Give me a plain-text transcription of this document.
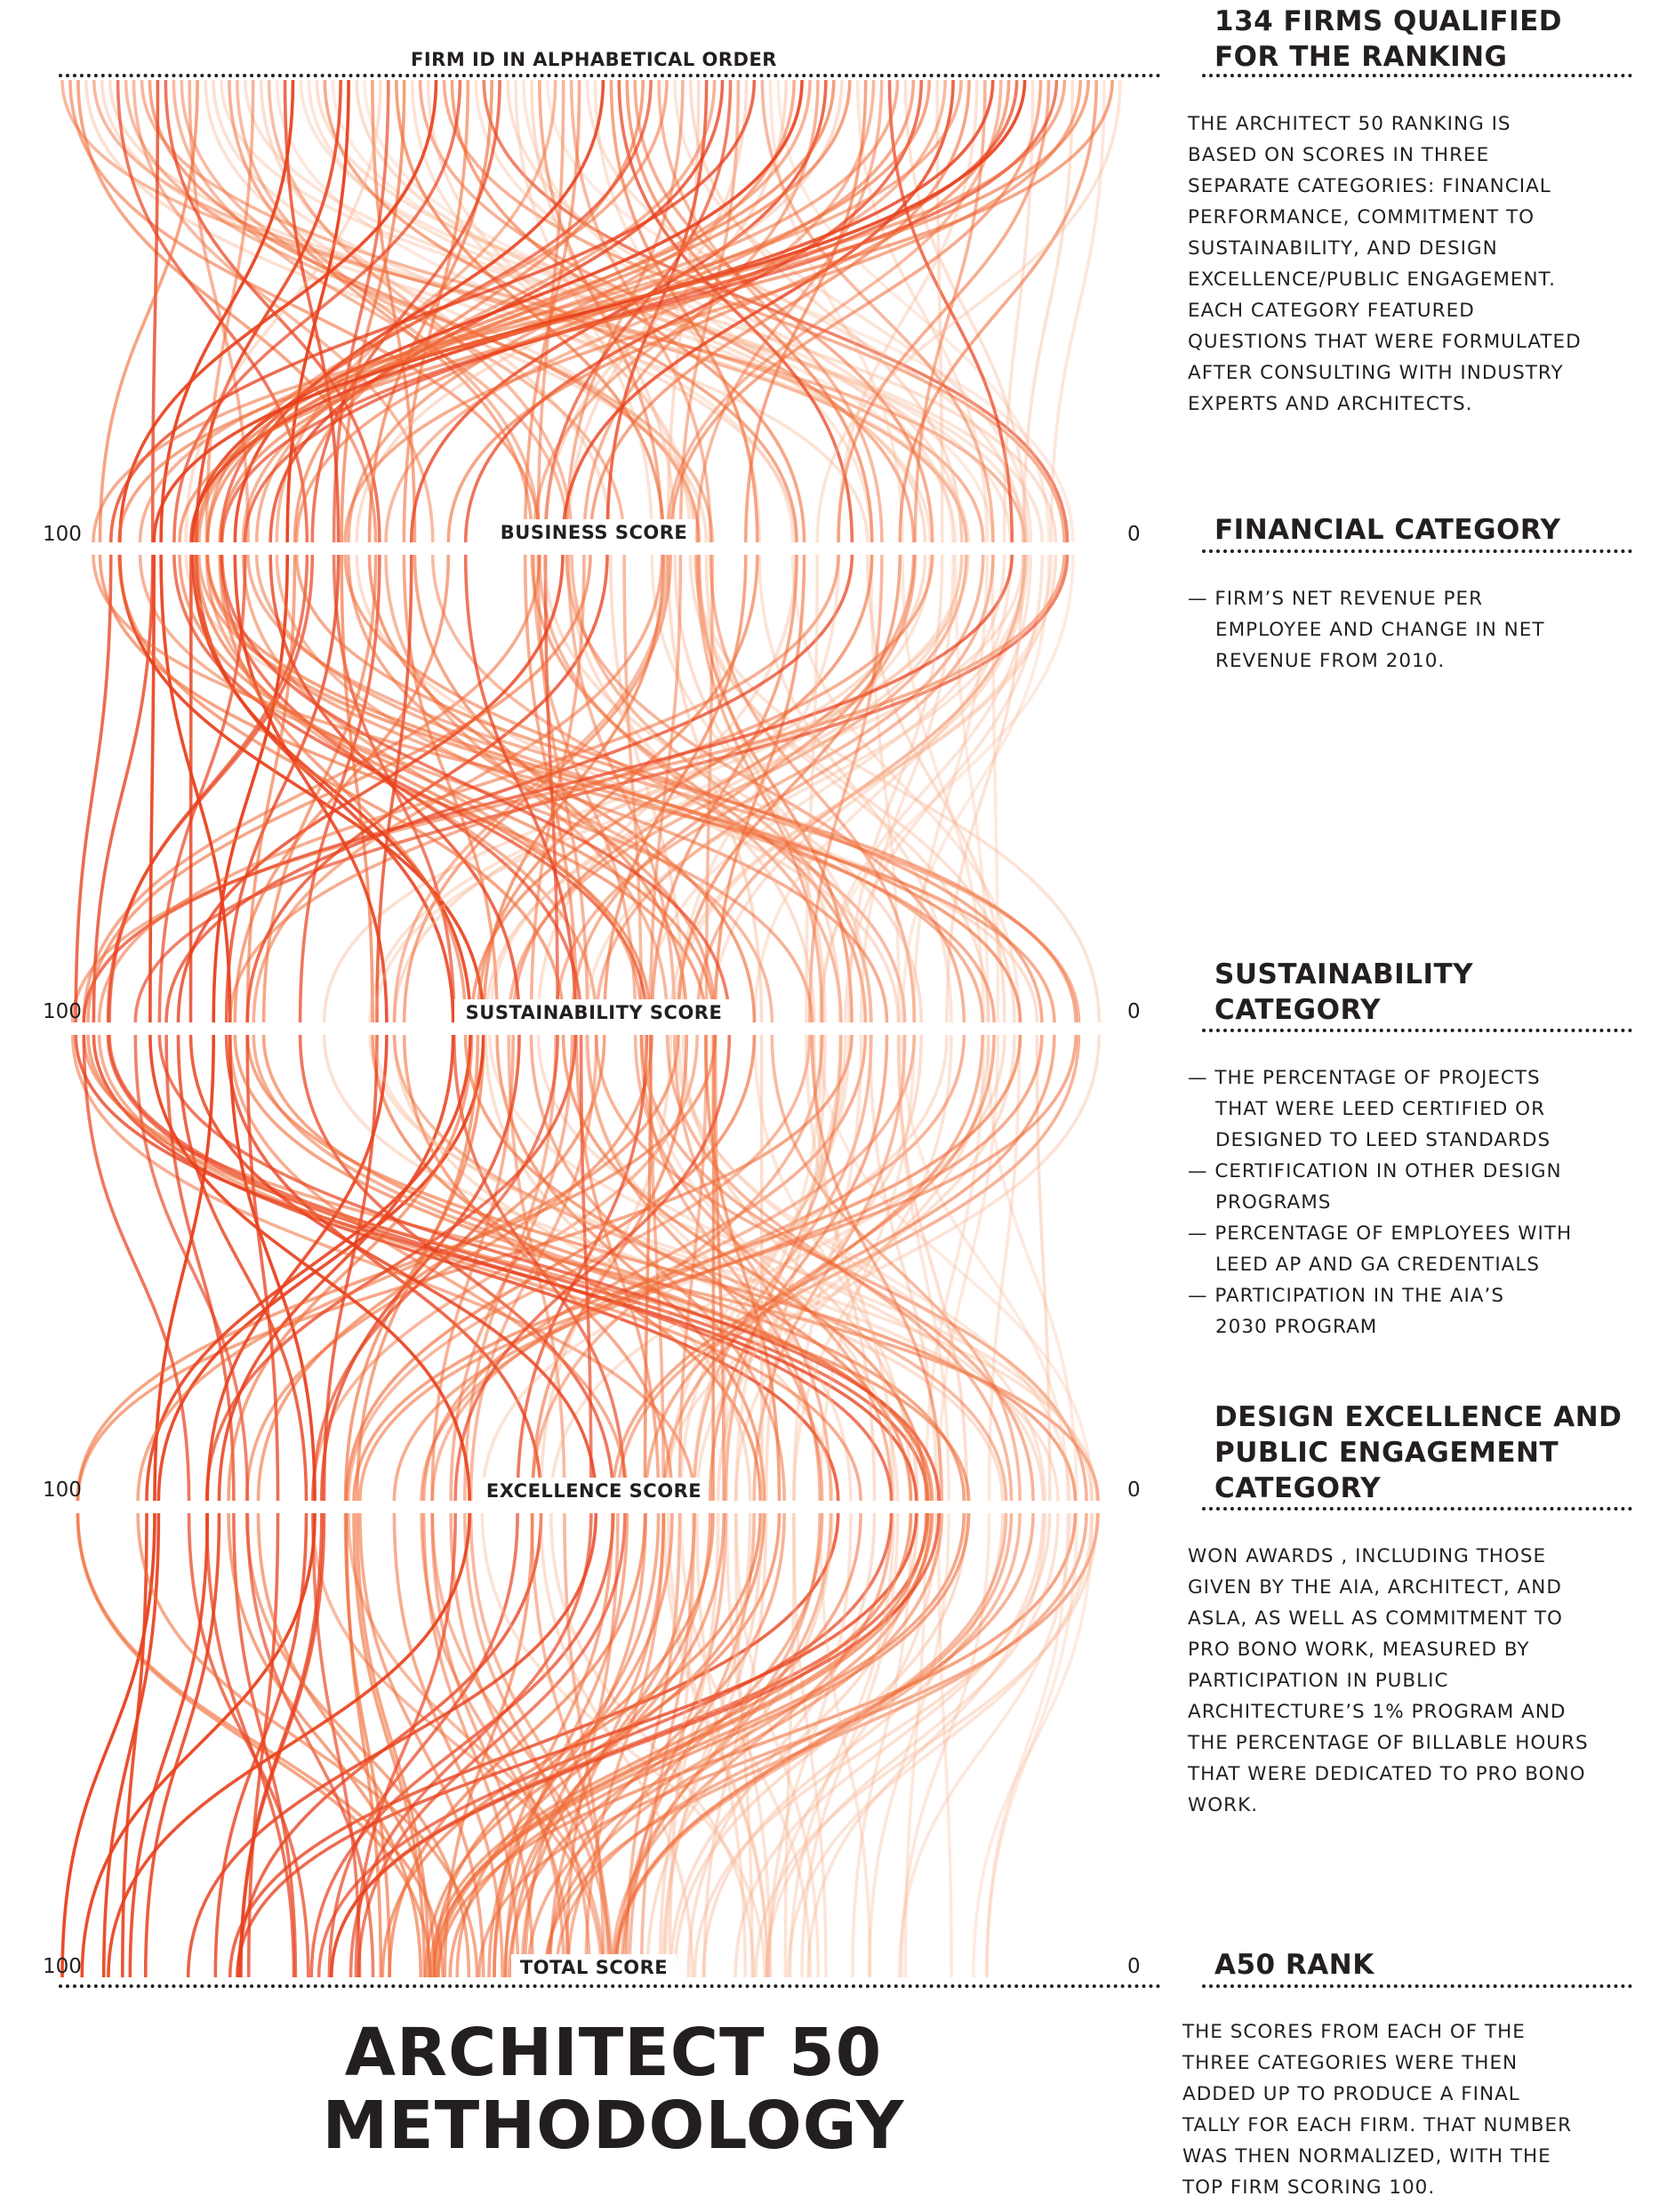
FIRM ID IN ALPHABETICAL ORDER
BUSINESS SCORE
100	0
SUSTAINABILITY SCORE
100	0
EXCELLENCE SCORE
100	0
TOTAL SCORE
100	0
134 FIRMS QUALIFIED
FOR THE RANKING

THE ARCHITECT 50 RANKING IS
BASED ON SCORES IN THREE
SEPARATE CATEGORIES: FINANCIAL
PERFORMANCE, COMMITMENT TO
SUSTAINABILITY, AND DESIGN
EXCELLENCE/PUBLIC ENGAGEMENT.
EACH CATEGORY FEATURED
QUESTIONS THAT WERE FORMULATED
AFTER CONSULTING WITH INDUSTRY
EXPERTS AND ARCHITECTS.

FINANCIAL CATEGORY

— FIRM’S NET REVENUE PER
EMPLOYEE AND CHANGE IN NET
REVENUE FROM 2010.

SUSTAINABILITY
CATEGORY

— THE PERCENTAGE OF PROJECTS
THAT WERE LEED CERTIFIED OR
DESIGNED TO LEED STANDARDS
— CERTIFICATION IN OTHER DESIGN
PROGRAMS
— PERCENTAGE OF EMPLOYEES WITH
LEED AP AND GA CREDENTIALS
— PARTICIPATION IN THE AIA’S
2030 PROGRAM

DESIGN EXCELLENCE AND
PUBLIC ENGAGEMENT
CATEGORY

WON AWARDS , INCLUDING THOSE
GIVEN BY THE AIA, ARCHITECT, AND
ASLA, AS WELL AS COMMITMENT TO
PRO BONO WORK, MEASURED BY
PARTICIPATION IN PUBLIC
ARCHITECTURE’S 1% PROGRAM AND
THE PERCENTAGE OF BILLABLE HOURS
THAT WERE DEDICATED TO PRO BONO
WORK.

A50 RANK

THE SCORES FROM EACH OF THE
THREE CATEGORIES WERE THEN
ADDED UP TO PRODUCE A FINAL
TALLY FOR EACH FIRM. THAT NUMBER
WAS THEN NORMALIZED, WITH THE
TOP FIRM SCORING 100.

ARCHITECT 50
METHODOLOGY
